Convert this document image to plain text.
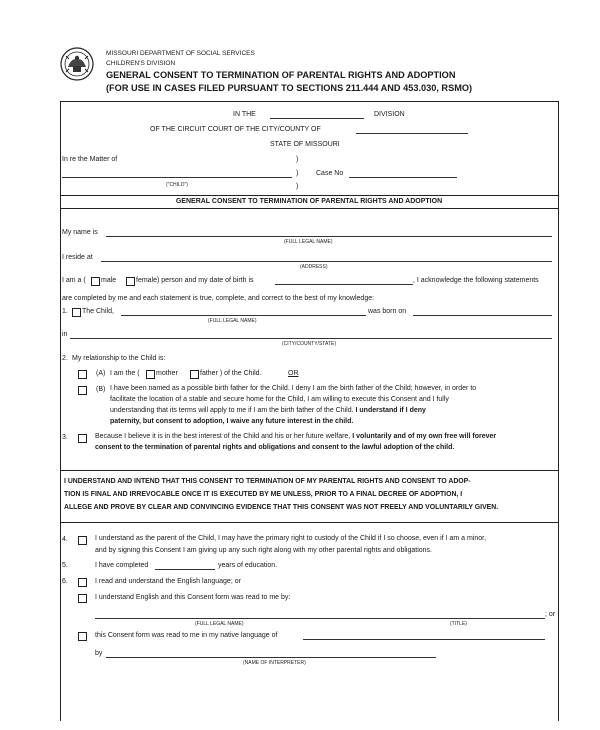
MISSOURI DEPARTMENT OF SOCIAL SERVICES
CHILDREN'S DIVISION
GENERAL CONSENT TO TERMINATION OF PARENTAL RIGHTS AND ADOPTION
(FOR USE IN CASES FILED PURSUANT TO SECTIONS 211.444 AND 453.030, RSMO)
IN THE	DIVISION
OF THE CIRCUIT COURT OF THE CITY/COUNTY OF
STATE OF MISSOURI
In re the Matter of	)
)	Case No
("CHILD")	)
GENERAL CONSENT TO TERMINATION OF PARENTAL RIGHTS AND ADOPTION
My name is
(FULL LEGAL NAME)
I reside at
(ADDRESS)
I am a ( male	female) person and my date of birth is	, I acknowledge the following statements
are completed by me and each statement is true, complete, and correct to the best of my knowledge:
1. The Child,	was born on
(FULL LEGAL NAME)
in
(CITY/COUNTY/STATE)
2. My relationship to the Child is:
(A) I am the ( mother	father ) of the Child.	OR
(B) I have been named as a possible birth father for the Child. I deny I am the birth father of the Child; however, in order to
facilitate the location of a stable and secure home for the Child, I am willing to execute this Consent and I fully
understanding that its terms will apply to me if I am the birth father of the Child. I understand if I deny
paternity, but consent to adoption, I waive any future interest in the child.
3.	Because I believe it is in the best interest of the Child and his or her future welfare, I voluntarily and of my own free will forever
consent to the termination of parental rights and obligations and consent to the lawful adoption of the child.
I UNDERSTAND AND INTEND THAT THIS CONSENT TO TERMINATION OF MY PARENTAL RIGHTS AND CONSENT TO ADOP-
TION IS FINAL AND IRREVOCABLE ONCE IT IS EXECUTED BY ME UNLESS, PRIOR TO A FINAL DECREE OF ADOPTION, I
ALLEGE AND PROVE BY CLEAR AND CONVINCING EVIDENCE THAT THIS CONSENT WAS NOT FREELY AND VOLUNTARILY GIVEN.
4.	I understand as the parent of the Child, I may have the primary right to custody of the Child if I so choose, even if I am a minor,
and by signing this Consent I am giving up any such right along with my other parental rights and obligations.
5.	I have completed	years of education.
6.	I read and understand the English language; or
I understand English and this Consent form was read to me by:
; or
(FULL LEGAL NAME)	(TITLE)
this Consent form was read to me in my native language of
by
(NAME OF INTERPRETER)
